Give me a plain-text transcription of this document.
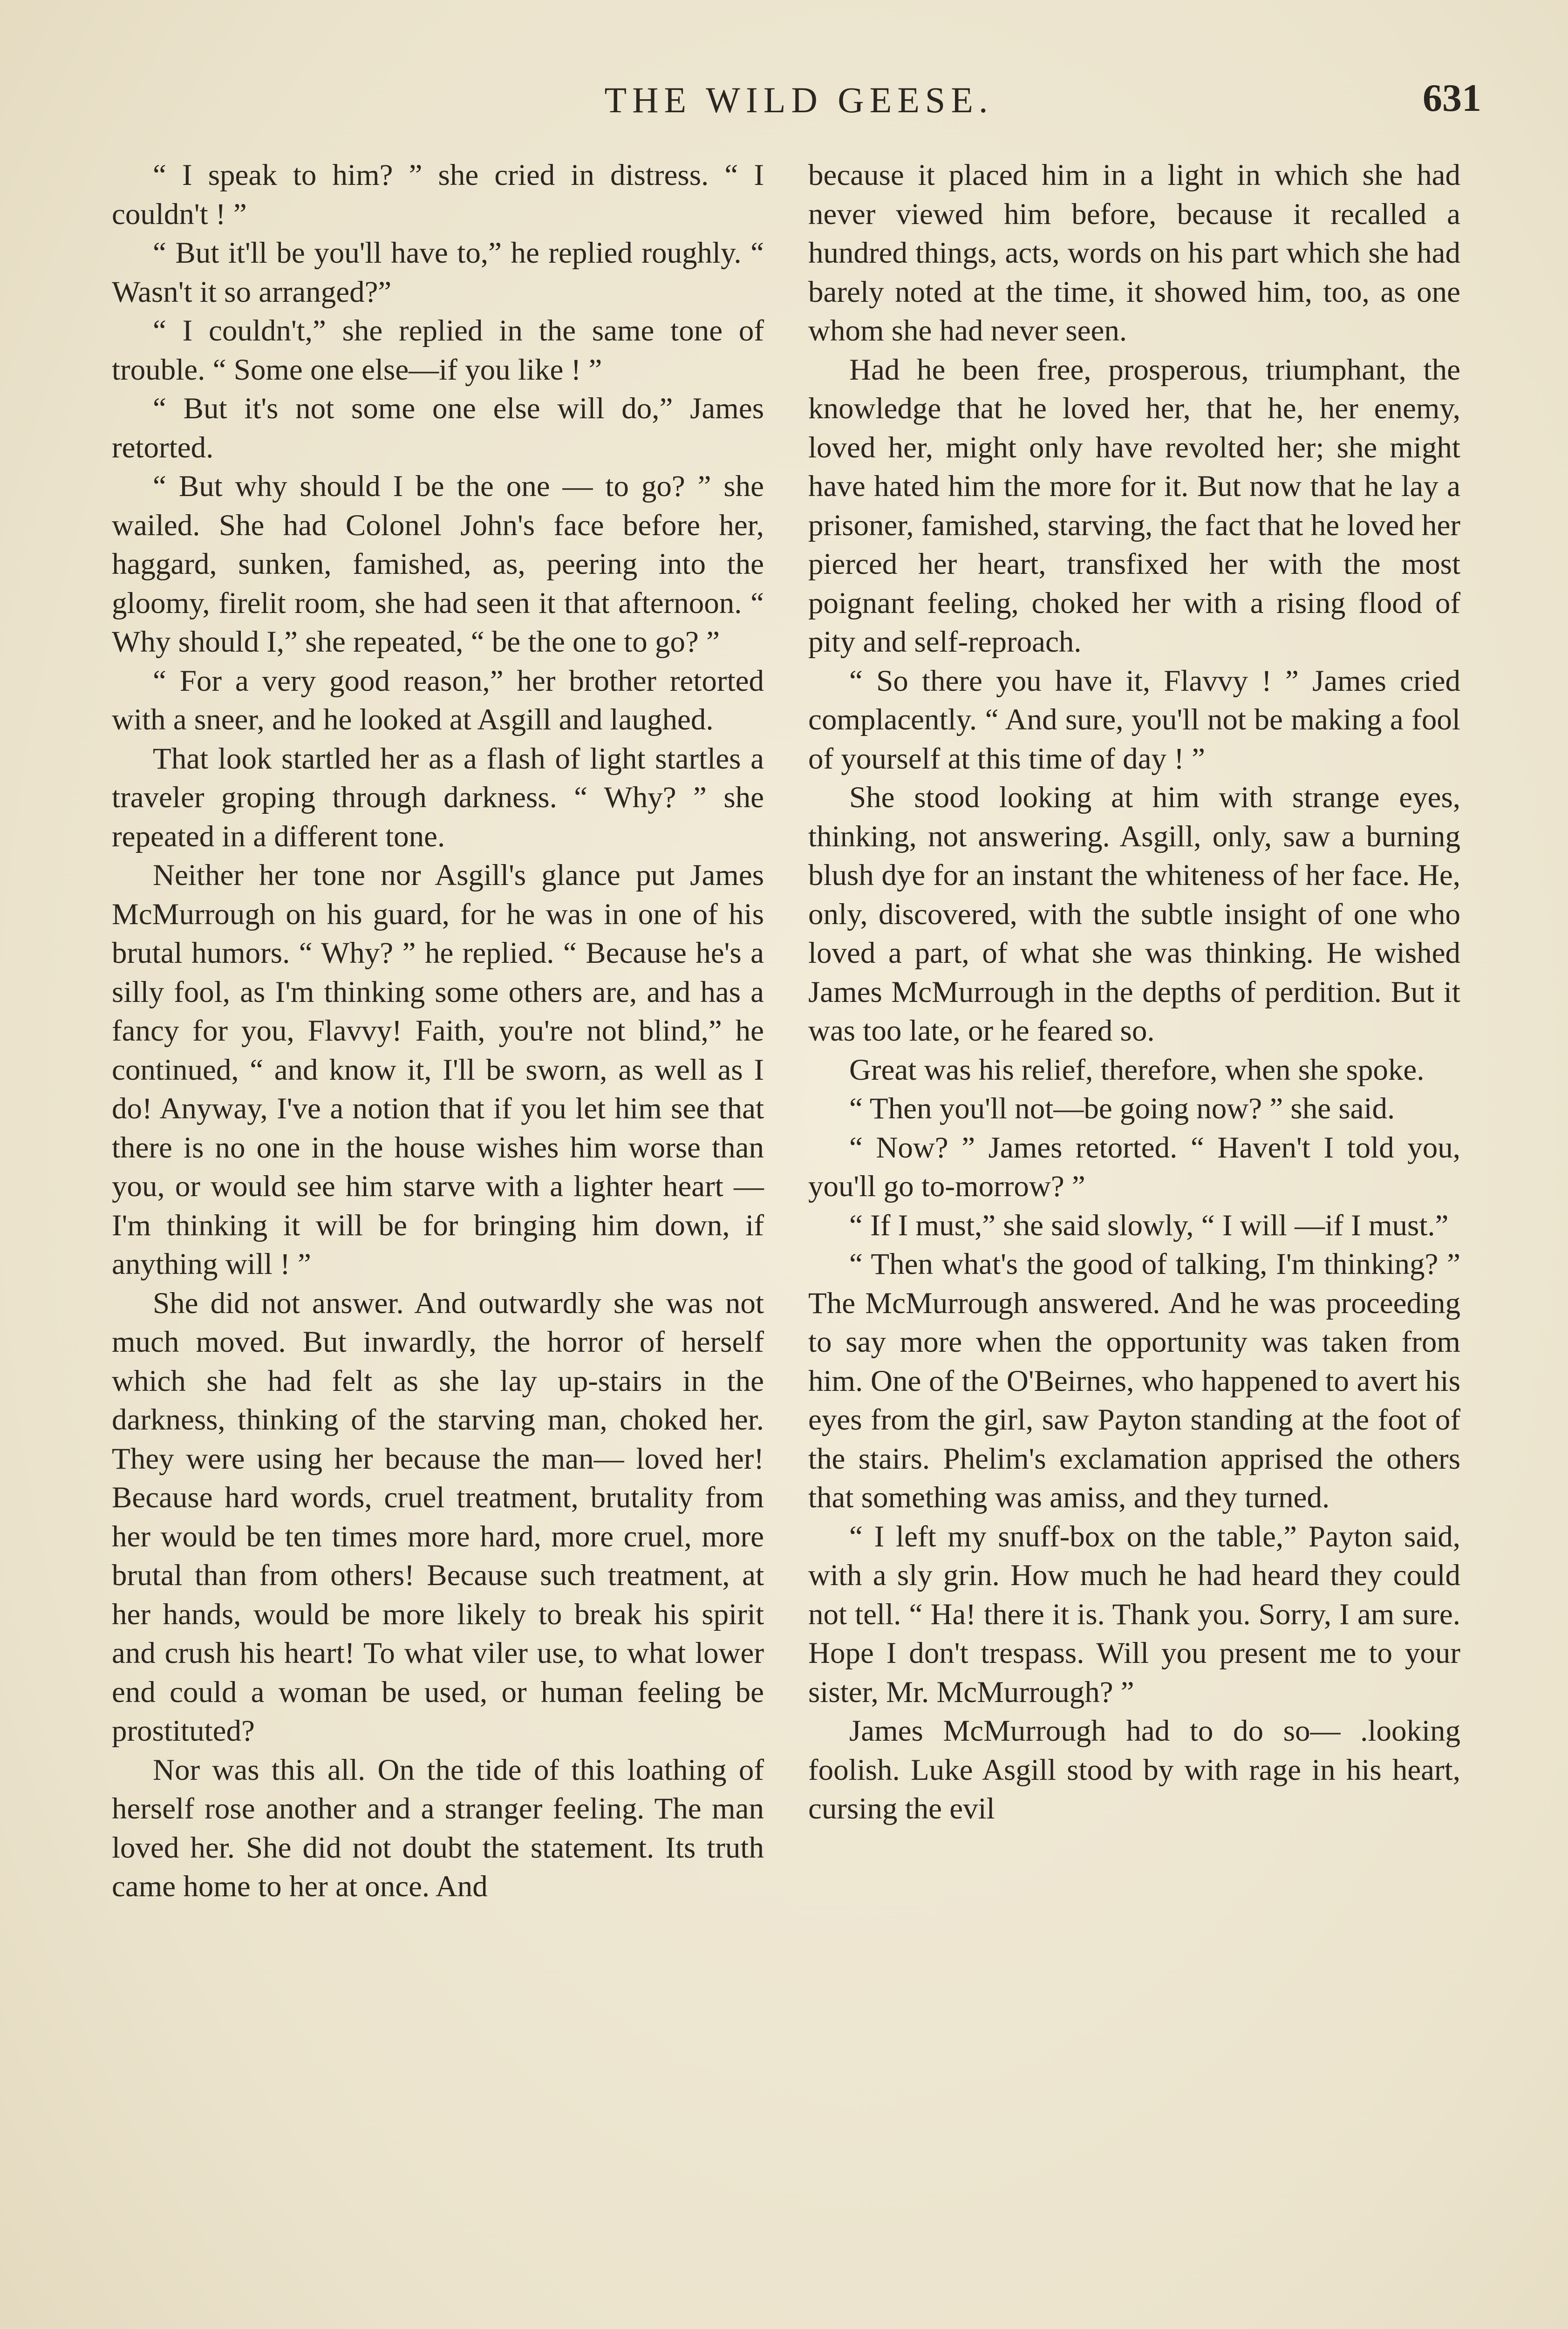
THE WILD GEESE.	631

“ I speak to him? ” she cried in distress. “ I couldn't ! ”

“ But it'll be you'll have to,” he replied roughly. “ Wasn't it so arranged?”

“ I couldn't,” she replied in the same tone of trouble. “ Some one else—if you like ! ”

“ But it's not some one else will do,” James retorted.

“ But why should I be the one — to go? ” she wailed. She had Colonel John's face before her, haggard, sunken, famished, as, peering into the gloomy, firelit room, she had seen it that afternoon. “ Why should I,” she repeated, “ be the one to go? ”

“ For a very good reason,” her brother retorted with a sneer, and he looked at Asgill and laughed.

That look startled her as a flash of light startles a traveler groping through darkness. “ Why? ” she repeated in a different tone.

Neither her tone nor Asgill's glance put James McMurrough on his guard, for he was in one of his brutal humors. “ Why? ” he replied. “ Because he's a silly fool, as I'm thinking some others are, and has a fancy for you, Flavvy! Faith, you're not blind,” he continued, “ and know it, I'll be sworn, as well as I do! Anyway, I've a notion that if you let him see that there is no one in the house wishes him worse than you, or would see him starve with a lighter heart —I'm thinking it will be for bringing him down, if anything will ! ”

She did not answer. And outwardly she was not much moved. But inwardly, the horror of herself which she had felt as she lay up-stairs in the darkness, thinking of the starving man, choked her. They were using her because the man— loved her! Because hard words, cruel treatment, brutality from her would be ten times more hard, more cruel, more brutal than from others! Because such treatment, at her hands, would be more likely to break his spirit and crush his heart! To what viler use, to what lower end could a woman be used, or human feeling be prostituted?

Nor was this all. On the tide of this loathing of herself rose another and a stranger feeling. The man loved her. She did not doubt the statement. Its truth came home to her at once. And

because it placed him in a light in which she had never viewed him before, because it recalled a hundred things, acts, words on his part which she had barely noted at the time, it showed him, too, as one whom she had never seen.

Had he been free, prosperous, triumphant, the knowledge that he loved her, that he, her enemy, loved her, might only have revolted her; she might have hated him the more for it. But now that he lay a prisoner, famished, starving, the fact that he loved her pierced her heart, transfixed her with the most poignant feeling, choked her with a rising flood of pity and self-reproach.

“ So there you have it, Flavvy ! ” James cried complacently. “ And sure, you'll not be making a fool of yourself at this time of day ! ”

She stood looking at him with strange eyes, thinking, not answering. Asgill, only, saw a burning blush dye for an instant the whiteness of her face. He, only, discovered, with the subtle insight of one who loved a part, of what she was thinking. He wished James McMurrough in the depths of perdition. But it was too late, or he feared so.

Great was his relief, therefore, when she spoke.

“ Then you'll not—be going now? ” she said.

“ Now? ” James retorted. “ Haven't I told you, you'll go to-morrow? ”

“ If I must,” she said slowly, “ I will —if I must.”

“ Then what's the good of talking, I'm thinking? ” The McMurrough answered. And he was proceeding to say more when the opportunity was taken from him. One of the O'Beirnes, who happened to avert his eyes from the girl, saw Payton standing at the foot of the stairs. Phelim's exclamation apprised the others that something was amiss, and they turned.

“ I left my snuff-box on the table,” Payton said, with a sly grin. How much he had heard they could not tell. “ Ha! there it is. Thank you. Sorry, I am sure. Hope I don't trespass. Will you present me to your sister, Mr. McMurrough? ”

James McMurrough had to do so— .looking foolish. Luke Asgill stood by with rage in his heart, cursing the evil
